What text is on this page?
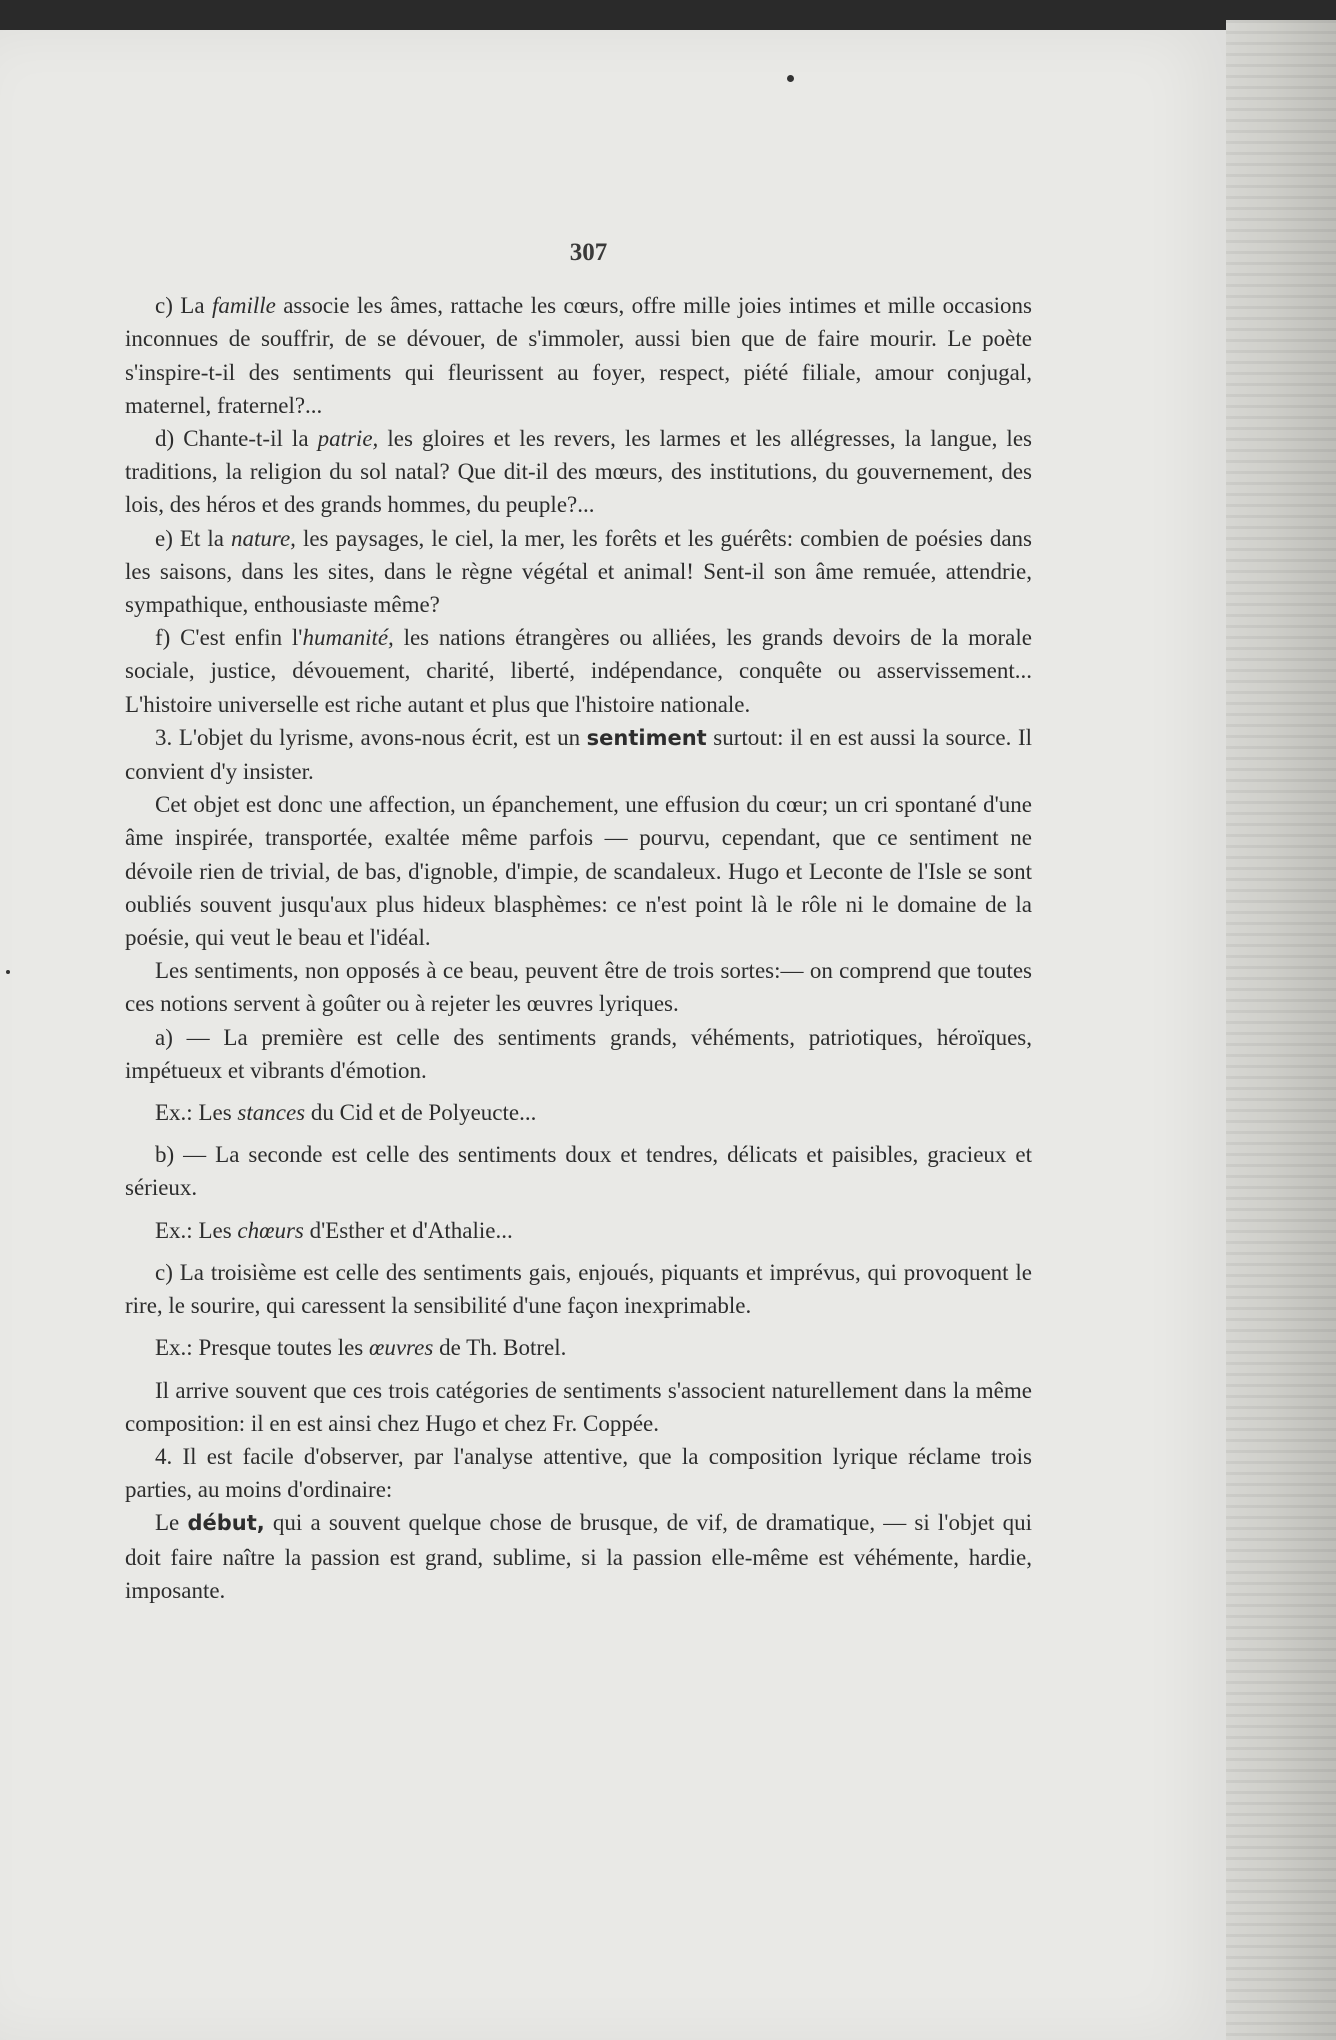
307

c) La famille associe les âmes, rattache les cœurs, offre mille joies intimes et mille occasions inconnues de souffrir, de se dévouer, de s'immoler, aussi bien que de faire mourir. Le poète s'inspire-t-il des sentiments qui fleurissent au foyer, respect, piété filiale, amour conjugal, maternel, fraternel?...

d) Chante-t-il la patrie, les gloires et les revers, les larmes et les allégresses, la langue, les traditions, la religion du sol natal? Que dit-il des mœurs, des institutions, du gouvernement, des lois, des héros et des grands hommes, du peuple?...

e) Et la nature, les paysages, le ciel, la mer, les forêts et les guérêts: combien de poésies dans les saisons, dans les sites, dans le règne végétal et animal! Sent-il son âme remuée, attendrie, sympathique, enthousiaste même?

f) C'est enfin l'humanité, les nations étrangères ou alliées, les grands devoirs de la morale sociale, justice, dévouement, charité, liberté, indépendance, conquête ou asservissement... L'histoire universelle est riche autant et plus que l'histoire nationale.

3. L'objet du lyrisme, avons-nous écrit, est un sentiment surtout: il en est aussi la source. Il convient d'y insister.

Cet objet est donc une affection, un épanchement, une effusion du cœur; un cri spontané d'une âme inspirée, transportée, exaltée même parfois — pourvu, cependant, que ce sentiment ne dévoile rien de trivial, de bas, d'ignoble, d'impie, de scandaleux. Hugo et Leconte de l'Isle se sont oubliés souvent jusqu'aux plus hideux blasphèmes: ce n'est point là le rôle ni le domaine de la poésie, qui veut le beau et l'idéal.

Les sentiments, non opposés à ce beau, peuvent être de trois sortes:— on comprend que toutes ces notions servent à goûter ou à rejeter les œuvres lyriques.

a) — La première est celle des sentiments grands, véhéments, patriotiques, héroïques, impétueux et vibrants d'émotion.

Ex.: Les stances du Cid et de Polyeucte...

b) — La seconde est celle des sentiments doux et tendres, délicats et paisibles, gracieux et sérieux.

Ex.: Les chœurs d'Esther et d'Athalie...

c) La troisième est celle des sentiments gais, enjoués, piquants et imprévus, qui provoquent le rire, le sourire, qui caressent la sensibilité d'une façon inexprimable.

Ex.: Presque toutes les œuvres de Th. Botrel.

Il arrive souvent que ces trois catégories de sentiments s'associent naturellement dans la même composition: il en est ainsi chez Hugo et chez Fr. Coppée.

4. Il est facile d'observer, par l'analyse attentive, que la composition lyrique réclame trois parties, au moins d'ordinaire:

Le début, qui a souvent quelque chose de brusque, de vif, de dramatique, — si l'objet qui doit faire naître la passion est grand, sublime, si la passion elle-même est véhémente, hardie, imposante.
